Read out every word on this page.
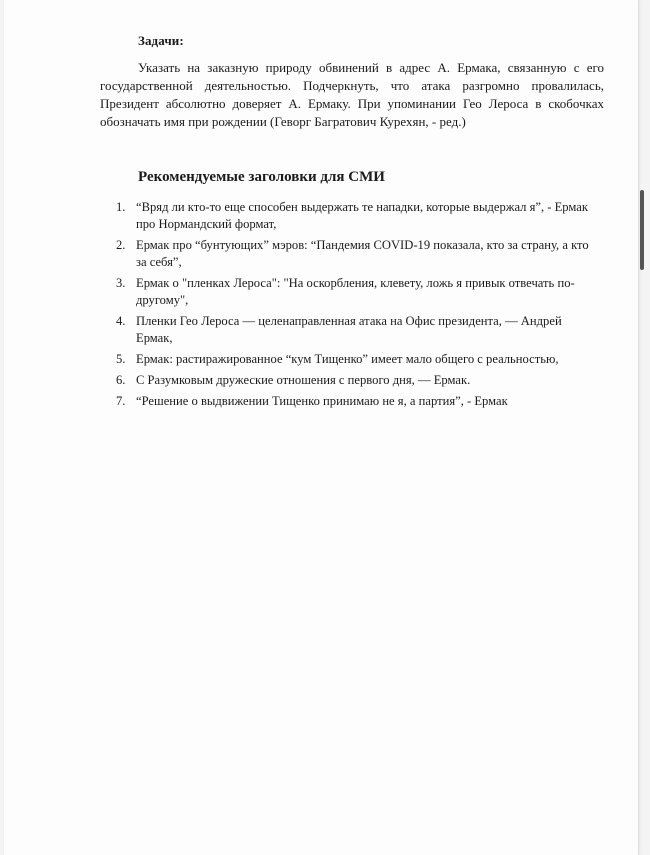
Задачи:

Указать на заказную природу обвинений в адрес А. Ермака, связанную с его государственной деятельностью. Подчеркнуть, что атака разгромно провалилась, Президент абсолютно доверяет А. Ермаку. При упоминании Гео Лероса в скобочках обозначать имя при рождении (Геворг Багратович Курехян, - ред.)

Рекомендуемые заголовки для СМИ
1. “Вряд ли кто-то еще способен выдержать те нападки, которые выдержал я”, - Ермак про Нормандский формат,
2. Ермак про “бунтующих” мэров: “Пандемия COVID-19 показала, кто за страну, а кто за себя”,
3. Ермак о "пленках Лероса": "На оскорбления, клевету, ложь я привык отвечать по-другому",
4. Пленки Гео Лероса — целенаправленная атака на Офис президента, — Андрей Ермак,
5. Ермак: растиражированное “кум Тищенко” имеет мало общего с реальностью,
6. С Разумковым дружеские отношения с первого дня, — Ермак.
7. “Решение о выдвижении Тищенко принимаю не я, а партия”, - Ермак
